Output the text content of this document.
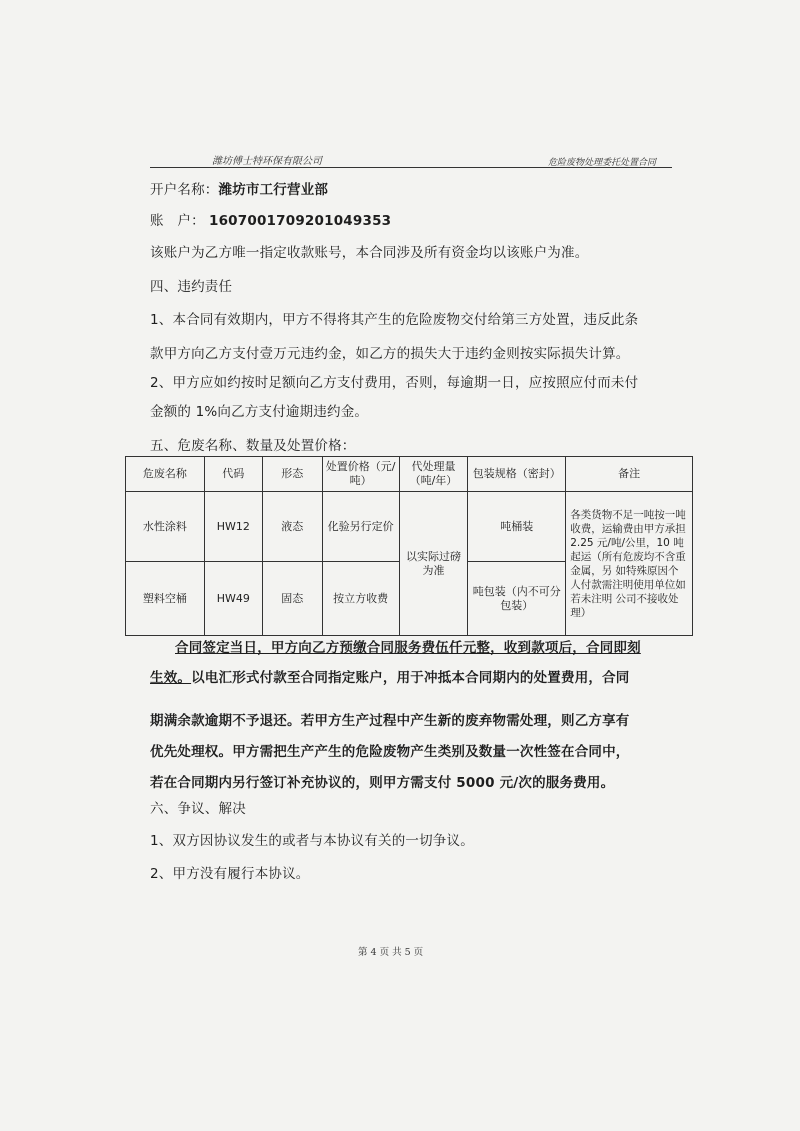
潍坊傅士特环保有限公司	危险废物处理委托处置合同
开户名称：潍坊市工行营业部
账　户： 1607001709201049353
该账户为乙方唯一指定收款账号，本合同涉及所有资金均以该账户为准。
四、违约责任
1、本合同有效期内，甲方不得将其产生的危险废物交付给第三方处置，违反此条
款甲方向乙方支付壹万元违约金，如乙方的损失大于违约金则按实际损失计算。
2、甲方应如约按时足额向乙方支付费用，否则，每逾期一日，应按照应付而未付
金额的 1%向乙方支付逾期违约金。
五、危废名称、数量及处置价格：
危废名称	代码	形态	处置价格（元/吨）	代处理量（吨/年）	包装规格（密封）	备注
水性涂料	HW12	液态	化验另行定价	以实际过磅为准	吨桶装	各类货物不足一吨按一吨收费，运输费由甲方承担 2.25 元/吨/公里，10 吨起运（所有危废均不含重金属，另 如特殊原因个人付款需注明使用单位如若未注明 公司不接收处理）
塑料空桶	HW49	固态	按立方收费		吨包装（内不可分包装）	
合同签定当日，甲方向乙方预缴合同服务费伍仟元整，收到款项后，合同即刻
生效。以电汇形式付款至合同指定账户，用于冲抵本合同期内的处置费用，合同
期满余款逾期不予退还。若甲方生产过程中产生新的废弃物需处理，则乙方享有
优先处理权。甲方需把生产产生的危险废物产生类别及数量一次性签在合同中，
若在合同期内另行签订补充协议的，则甲方需支付 5000 元/次的服务费用。
六、争议、解决
1、双方因协议发生的或者与本协议有关的一切争议。
2、甲方没有履行本协议。
第 4 页 共 5 页
